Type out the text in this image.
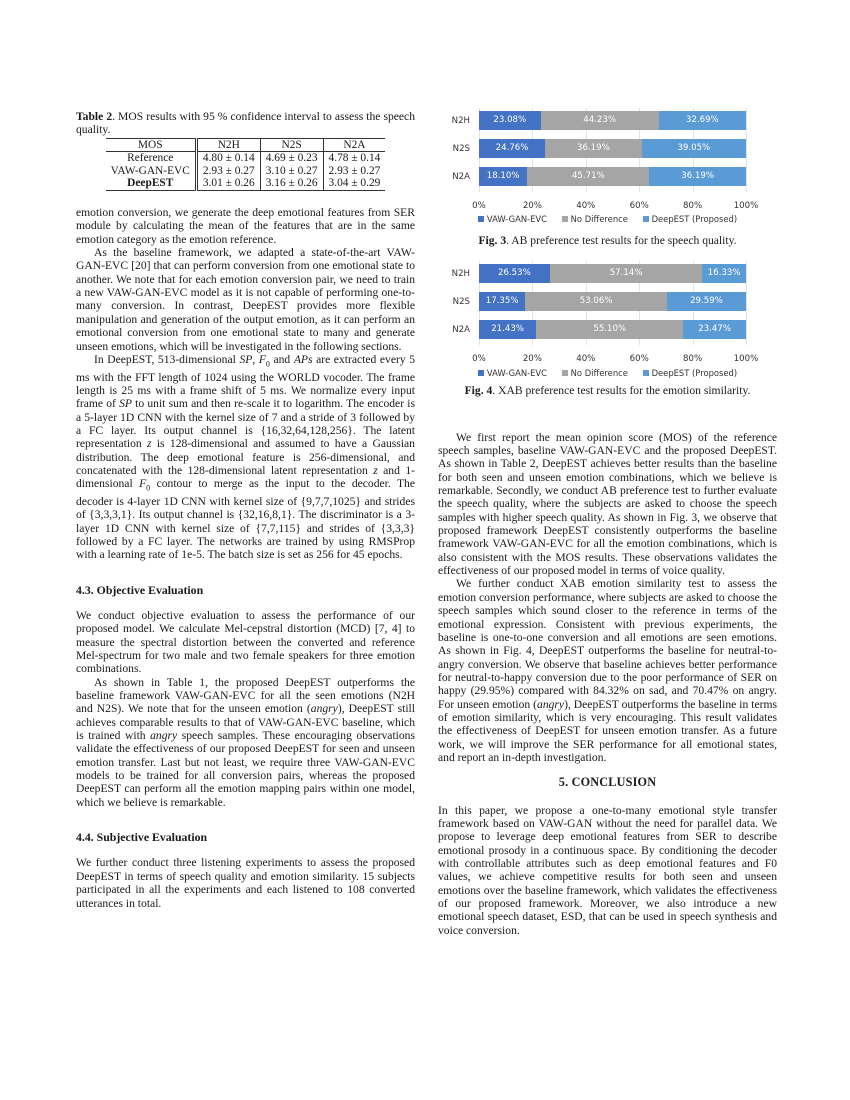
Table 2. MOS results with 95 % confidence interval to assess the speech quality.
MOS	N2H	N2S	N2A
Reference	4.80 ± 0.14	4.69 ± 0.23	4.78 ± 0.14
VAW-GAN-EVC	2.93 ± 0.27	3.10 ± 0.27	2.93 ± 0.27
DeepEST	3.01 ± 0.26	3.16 ± 0.26	3.04 ± 0.29

emotion conversion, we generate the deep emotional features from SER module by calculating the mean of the features that are in the same emotion category as the emotion reference.

As the baseline framework, we adapted a state-of-the-art VAW-GAN-EVC [20] that can perform conversion from one emotional state to another. We note that for each emotion conversion pair, we need to train a new VAW-GAN-EVC model as it is not capable of performing one-to-many conversion. In contrast, DeepEST provides more flexible manipulation and generation of the output emotion, as it can perform an emotional conversion from one emotional state to many and generate unseen emotions, which will be investigated in the following sections.

In DeepEST, 513-dimensional SP, $F_0$ and APs are extracted every 5 ms with the FFT length of 1024 using the WORLD vocoder. The frame length is 25 ms with a frame shift of 5 ms. We normalize every input frame of SP to unit sum and then re-scale it to logarithm. The encoder is a 5-layer 1D CNN with the kernel size of 7 and a stride of 3 followed by a FC layer. Its output channel is {16,32,64,128,256}. The latent representation z is 128-dimensional and assumed to have a Gaussian distribution. The deep emotional feature is 256-dimensional, and concatenated with the 128-dimensional latent representation z and 1-dimensional $F_0$ contour to merge as the input to the decoder. The decoder is 4-layer 1D CNN with kernel size of {9,7,7,1025} and strides of {3,3,3,1}. Its output channel is {32,16,8,1}. The discriminator is a 3-layer 1D CNN with kernel size of {7,7,115} and strides of {3,3,3} followed by a FC layer. The networks are trained by using RMSProp with a learning rate of 1e-5. The batch size is set as 256 for 45 epochs.

4.3. Objective Evaluation

We conduct objective evaluation to assess the performance of our proposed model. We calculate Mel-cepstral distortion (MCD) [7, 4] to measure the spectral distortion between the converted and reference Mel-spectrum for two male and two female speakers for three emotion combinations.

As shown in Table 1, the proposed DeepEST outperforms the baseline framework VAW-GAN-EVC for all the seen emotions (N2H and N2S). We note that for the unseen emotion (angry), DeepEST still achieves comparable results to that of VAW-GAN-EVC baseline, which is trained with angry speech samples. These encouraging observations validate the effectiveness of our proposed DeepEST for seen and unseen emotion transfer. Last but not least, we require three VAW-GAN-EVC models to be trained for all conversion pairs, whereas the proposed DeepEST can perform all the emotion mapping pairs within one model, which we believe is remarkable.

4.4. Subjective Evaluation

We further conduct three listening experiments to assess the proposed DeepEST in terms of speech quality and emotion similarity. 15 subjects participated in all the experiments and each listened to 108 converted utterances in total.

23.08%	44.23%	32.69%
24.76%	36.19%	39.05%
18.10%	45.71%	36.19%
0%	20%	40%	60%	80%	100%
N2H
N2S
N2A
VAW-GAN-EVC	No Difference	DeepEST (Proposed)
Fig. 3. AB preference test results for the speech quality.
26.53%	57.14%	16.33%
17.35%	53.06%	29.59%
21.43%	55.10%	23.47%
0%	20%	40%	60%	80%	100%
N2H
N2S
N2A
VAW-GAN-EVC	No Difference	DeepEST (Proposed)
Fig. 4. XAB preference test results for the emotion similarity.

We first report the mean opinion score (MOS) of the reference speech samples, baseline VAW-GAN-EVC and the proposed DeepEST. As shown in Table 2, DeepEST achieves better results than the baseline for both seen and unseen emotion combinations, which we believe is remarkable. Secondly, we conduct AB preference test to further evaluate the speech quality, where the subjects are asked to choose the speech samples with higher speech quality. As shown in Fig. 3, we observe that proposed framework DeepEST consistently outperforms the baseline framework VAW-GAN-EVC for all the emotion combinations, which is also consistent with the MOS results. These observations validates the effectiveness of our proposed model in terms of voice quality.

We further conduct XAB emotion similarity test to assess the emotion conversion performance, where subjects are asked to choose the speech samples which sound closer to the reference in terms of the emotional expression. Consistent with previous experiments, the baseline is one-to-one conversion and all emotions are seen emotions. As shown in Fig. 4, DeepEST outperforms the baseline for neutral-to-angry conversion. We observe that baseline achieves better performance for neutral-to-happy conversion due to the poor performance of SER on happy (29.95%) compared with 84.32% on sad, and 70.47% on angry. For unseen emotion (angry), DeepEST outperforms the baseline in terms of emotion similarity, which is very encouraging. This result validates the effectiveness of DeepEST for unseen emotion transfer. As a future work, we will improve the SER performance for all emotional states, and report an in-depth investigation.

5. CONCLUSION

In this paper, we propose a one-to-many emotional style transfer framework based on VAW-GAN without the need for parallel data. We propose to leverage deep emotional features from SER to describe emotional prosody in a continuous space. By conditioning the decoder with controllable attributes such as deep emotional features and F0 values, we achieve competitive results for both seen and unseen emotions over the baseline framework, which validates the effectiveness of our proposed framework. Moreover, we also introduce a new emotional speech dataset, ESD, that can be used in speech synthesis and voice conversion.
